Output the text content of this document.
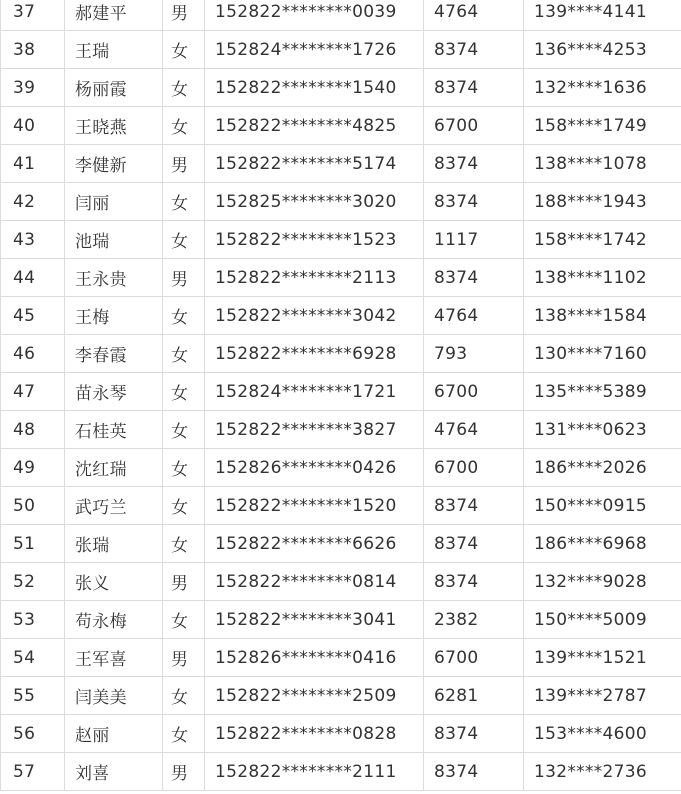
37	郝建平	男	152822********0039	4764	139****4141
38	王瑞	女	152824********1726	8374	136****4253
39	杨丽霞	女	152822********1540	8374	132****1636
40	王晓燕	女	152822********4825	6700	158****1749
41	李健新	男	152822********5174	8374	138****1078
42	闫丽	女	152825********3020	8374	188****1943
43	池瑞	女	152822********1523	1117	158****1742
44	王永贵	男	152822********2113	8374	138****1102
45	王梅	女	152822********3042	4764	138****1584
46	李春霞	女	152822********6928	793	130****7160
47	苗永琴	女	152824********1721	6700	135****5389
48	石桂英	女	152822********3827	4764	131****0623
49	沈红瑞	女	152826********0426	6700	186****2026
50	武巧兰	女	152822********1520	8374	150****0915
51	张瑞	女	152822********6626	8374	186****6968
52	张义	男	152822********0814	8374	132****9028
53	苟永梅	女	152822********3041	2382	150****5009
54	王军喜	男	152826********0416	6700	139****1521
55	闫美美	女	152822********2509	6281	139****2787
56	赵丽	女	152822********0828	8374	153****4600
57	刘喜	男	152822********2111	8374	132****2736
